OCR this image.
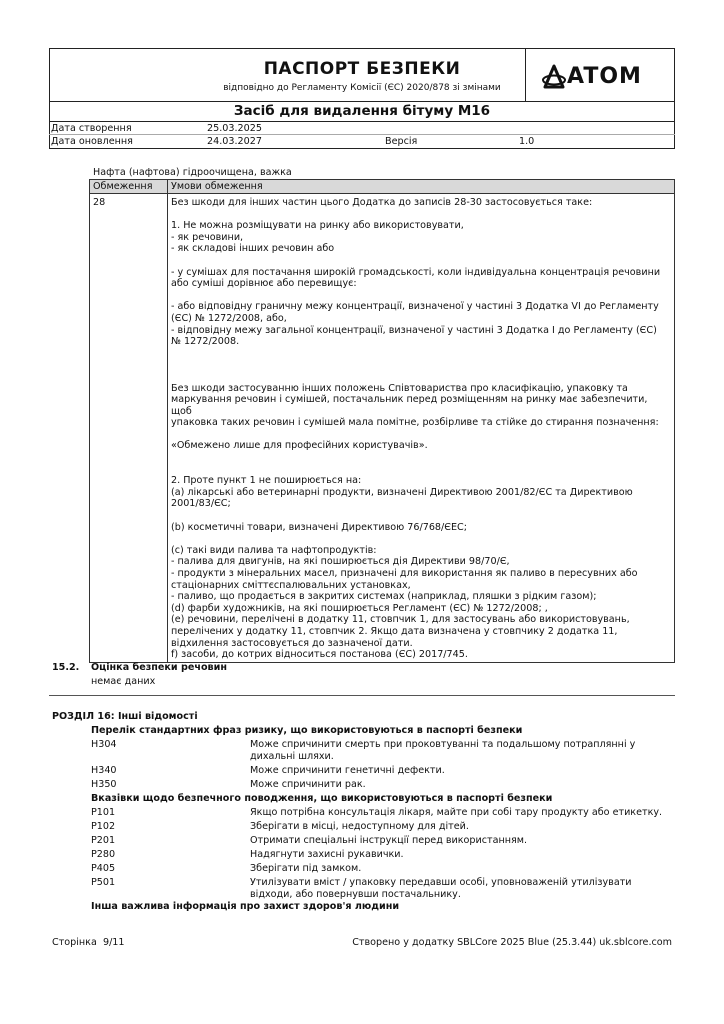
ПАСПОРТ БЕЗПЕКИ
відповідно до Регламенту Комісії (ЄС) 2020/878 зі змінами	ATOM
Засіб для видалення бітуму М16
Дата створення	25.03.2025
Дата оновлення	24.03.2027	Версія	1.0
Нафта (нафтова) гідроочищена, важка
Обмеження	Умови обмеження
28	Без шкоди для інших частин цього Додатка до записів 28-30 застосовується таке:

1. Не можна розміщувати на ринку або використовувати,

- як речовини,

- як складові інших речовин або

- у сумішах для постачання широкій громадськості, коли індивідуальна концентрація речовини

або суміші дорівнює або перевищує:

- або відповідну граничну межу концентрації, визначеної у частині 3 Додатка VI до Регламенту

(ЄС) № 1272/2008, або,

- відповідну межу загальної концентрації, визначеної у частині 3 Додатка I до Регламенту (ЄС)

№ 1272/2008.

Без шкоди застосуванню інших положень Співтовариства про класифікацію, упаковку та

маркування речовин і сумішей, постачальник перед розміщенням на ринку має забезпечити, щоб

упаковка таких речовин і сумішей мала помітне, розбірливе та стійке до стирання позначення:

«Обмежено лише для професійних користувачів».

2. Проте пункт 1 не поширюється на:

(a) лікарські або ветеринарні продукти, визначені Директивою 2001/82/ЄС та Директивою

2001/83/ЄС;

(b) косметичні товари, визначені Директивою 76/768/ЄЕС;

(c) такі види палива та нафтопродуктів:

- палива для двигунів, на які поширюється дія Директиви 98/70/Є,

- продукти з мінеральних масел, призначені для використання як паливо в пересувних або

стаціонарних сміттєспалювальних установках,

- паливо, що продається в закритих системах (наприклад, пляшки з рідким газом);

(d) фарби художників, на які поширюється Регламент (ЄС) № 1272/2008; ,

(e) речовини, перелічені в додатку 11, стовпчик 1, для застосувань або використовувань,

перелічених у додатку 11, стовпчик 2. Якщо дата визначена у стовпчику 2 додатка 11,

відхилення застосовується до зазначеної дати.

f) засоби, до котрих відноситься постанова (ЄС) 2017/745.

15.2. Оцінка безпеки речовин
немає даних
РОЗДІЛ 16: Інші відомості
Перелік стандартних фраз ризику, що використовуються в паспорті безпеки
H304	Може спричинити смерть при проковтуванні та подальшому потраплянні у
дихальні шляхи.
H340	Може спричинити генетичні дефекти.
H350	Може спричинити рак.
Вказівки щодо безпечного поводження, що використовуються в паспорті безпеки
P101	Якщо потрібна консультація лікаря, майте при собі тару продукту або етикетку.
P102	Зберігати в місці, недоступному для дітей.
P201	Отримати спеціальні інструкції перед використанням.
P280	Надягнути захисні рукавички.
P405	Зберігати під замком.
P501	Утилізувати вміст / упаковку передавши особі, уповноваженій утилізувати
відходи, або повернувши постачальнику.
Інша важлива інформація про захист здоров'я людини
Сторінка 9/11	Створено у додатку SBLCore 2025 Blue (25.3.44) uk.sblcore.com
